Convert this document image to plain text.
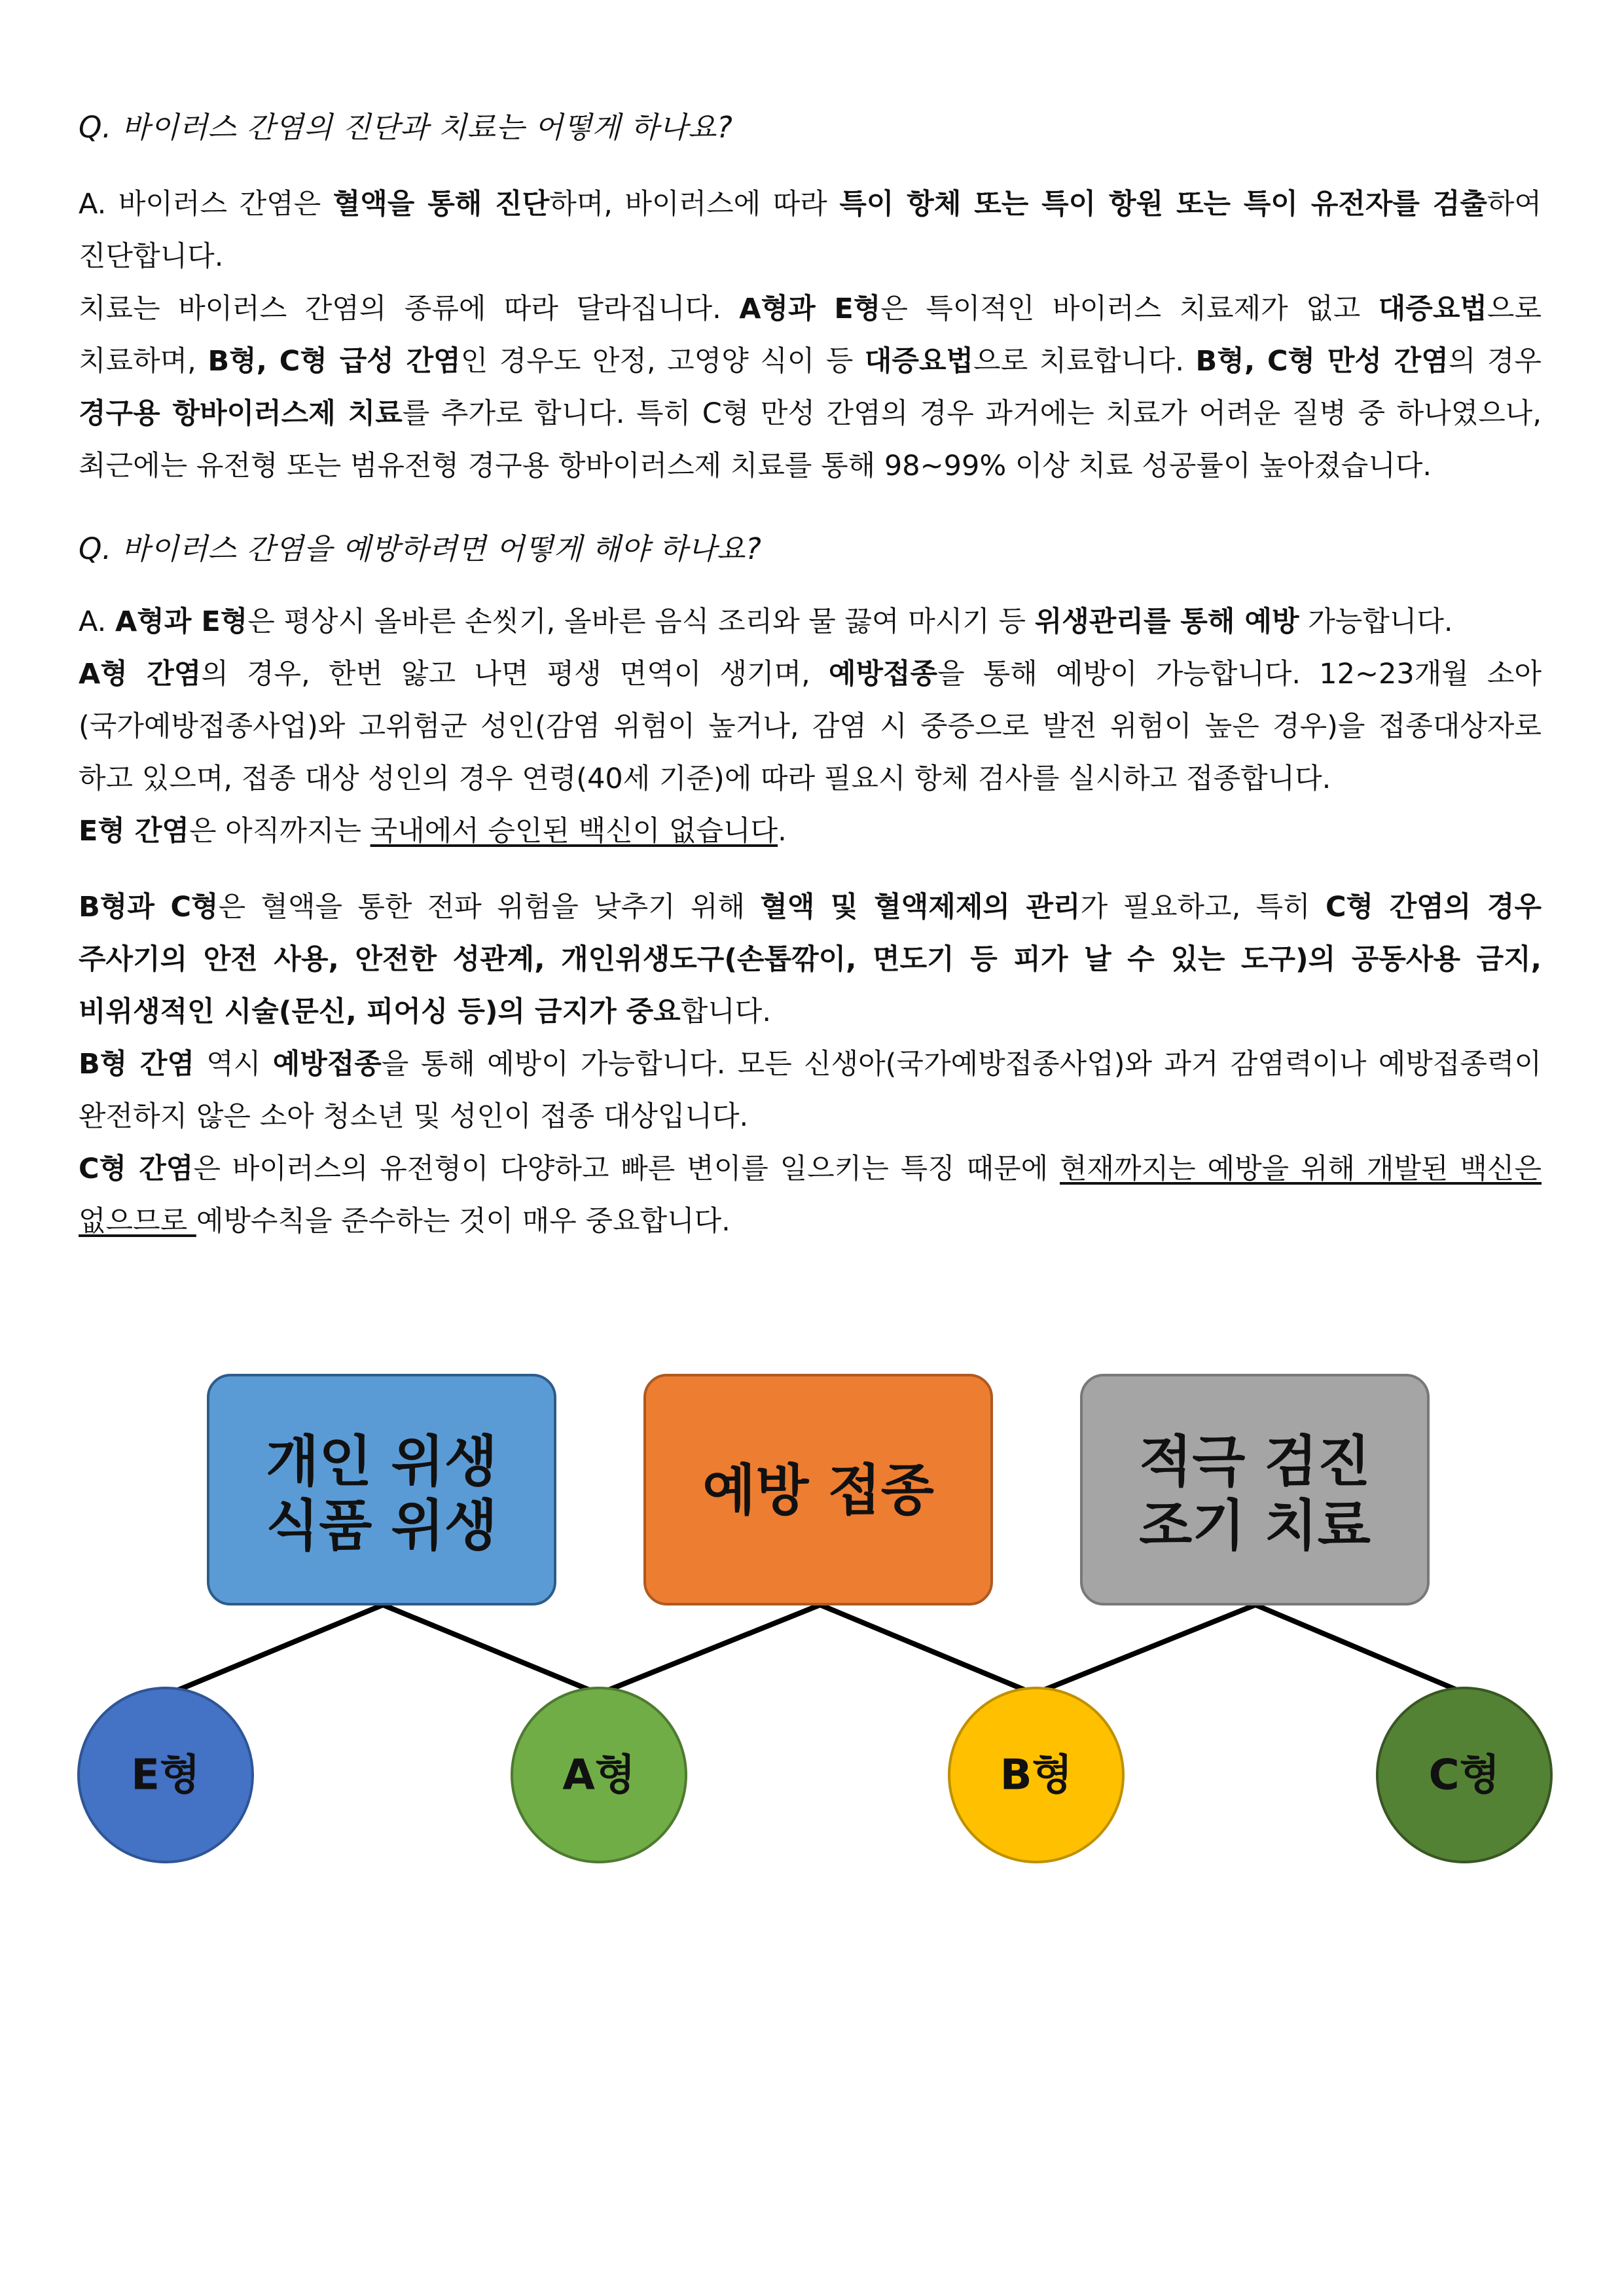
Q. 바이러스 간염의 진단과 치료는 어떻게 하나요?

A. 바이러스 간염은 혈액을 통해 진단하며, 바이러스에 따라 특이 항체 또는 특이 항원 또는 특이 유전자를 검출하여 진단합니다.

치료는 바이러스 간염의 종류에 따라 달라집니다. A형과 E형은 특이적인 바이러스 치료제가 없고 대증요법으로 치료하며, B형, C형 급성 간염인 경우도 안정, 고영양 식이 등 대증요법으로 치료합니다. B형, C형 만성 간염의 경우 경구용 항바이러스제 치료를 추가로 합니다. 특히 C형 만성 간염의 경우 과거에는 치료가 어려운 질병 중 하나였으나, 최근에는 유전형 또는 범유전형 경구용 항바이러스제 치료를 통해 98~99% 이상 치료 성공률이 높아졌습니다.

Q. 바이러스 간염을 예방하려면 어떻게 해야 하나요?

A. A형과 E형은 평상시 올바른 손씻기, 올바른 음식 조리와 물 끓여 마시기 등 위생관리를 통해 예방 가능합니다.

A형 간염의 경우, 한번 앓고 나면 평생 면역이 생기며, 예방접종을 통해 예방이 가능합니다. 12~23개월 소아(국가예방접종사업)와 고위험군 성인(감염 위험이 높거나, 감염 시 중증으로 발전 위험이 높은 경우)을 접종대상자로 하고 있으며, 접종 대상 성인의 경우 연령(40세 기준)에 따라 필요시 항체 검사를 실시하고 접종합니다.

E형 간염은 아직까지는 국내에서 승인된 백신이 없습니다.

B형과 C형은 혈액을 통한 전파 위험을 낮추기 위해 혈액 및 혈액제제의 관리가 필요하고, 특히 C형 간염의 경우 주사기의 안전 사용, 안전한 성관계, 개인위생도구(손톱깎이, 면도기 등 피가 날 수 있는 도구)의 공동사용 금지, 비위생적인 시술(문신, 피어싱 등)의 금지가 중요합니다.

B형 간염 역시 예방접종을 통해 예방이 가능합니다. 모든 신생아(국가예방접종사업)와 과거 감염력이나 예방접종력이 완전하지 않은 소아 청소년 및 성인이 접종 대상입니다.

C형 간염은 바이러스의 유전형이 다양하고 빠른 변이를 일으키는 특징 때문에 현재까지는 예방을 위해 개발된 백신은 없으므로 예방수칙을 준수하는 것이 매우 중요합니다.

개인 위생
식품 위생
예방 접종	적극 검진
조기 치료
E형	A형	B형	C형
